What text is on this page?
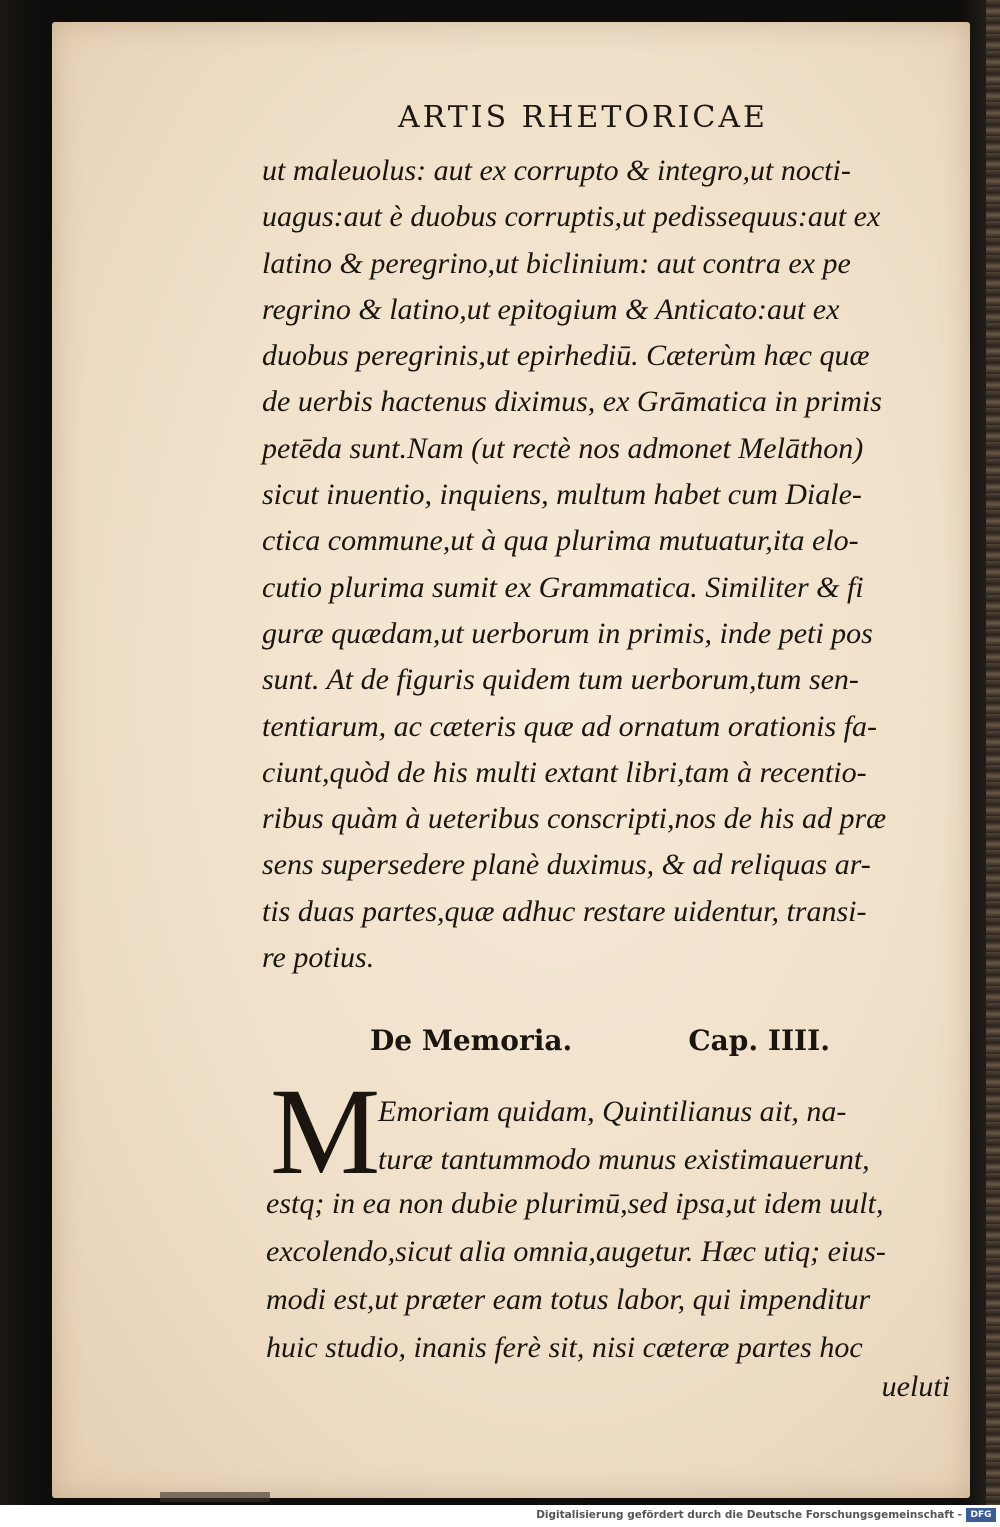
ARTIS RHETORICAE
ut maleuolus: aut ex corrupto & integro,ut nocti-
uagus:aut è duobus corruptis,ut pedissequus:aut ex
latino & peregrino,ut biclinium: aut contra ex pe
regrino & latino,ut epitogium & Anticato:aut ex
duobus peregrinis,ut epirhediū. Cæterùm hæc quæ
de uerbis hactenus diximus, ex Grāmatica in primis
petēda sunt.Nam (ut rectè nos admonet Melāthon)
sicut inuentio, inquiens, multum habet cum Diale-
ctica commune,ut à qua plurima mutuatur,ita elo-
cutio plurima sumit ex Grammatica. Similiter & fi
guræ quædam,ut uerborum in primis, inde peti pos
sunt. At de figuris quidem tum uerborum,tum sen-
tentiarum, ac cæteris quæ ad ornatum orationis fa-
ciunt,quòd de his multi extant libri,tam à recentio-
ribus quàm à ueteribus conscripti,nos de his ad præ
sens supersedere planè duximus, & ad reliquas ar-
tis duas partes,quæ adhuc restare uidentur, transi-
re potius.
De Memoria.	Cap. IIII.
M
Emoriam quidam, Quintilianus ait, na-
turæ tantummodo munus existimauerunt,
estq; in ea non dubie plurimū,sed ipsa,ut idem uult,
excolendo,sicut alia omnia,augetur. Hæc utiq; eius-
modi est,ut præter eam totus labor, qui impenditur
huic studio, inanis ferè sit, nisi cæteræ partes hoc
ueluti
Digitalisierung gefördert durch die Deutsche Forschungsgemeinschaft - DFG
